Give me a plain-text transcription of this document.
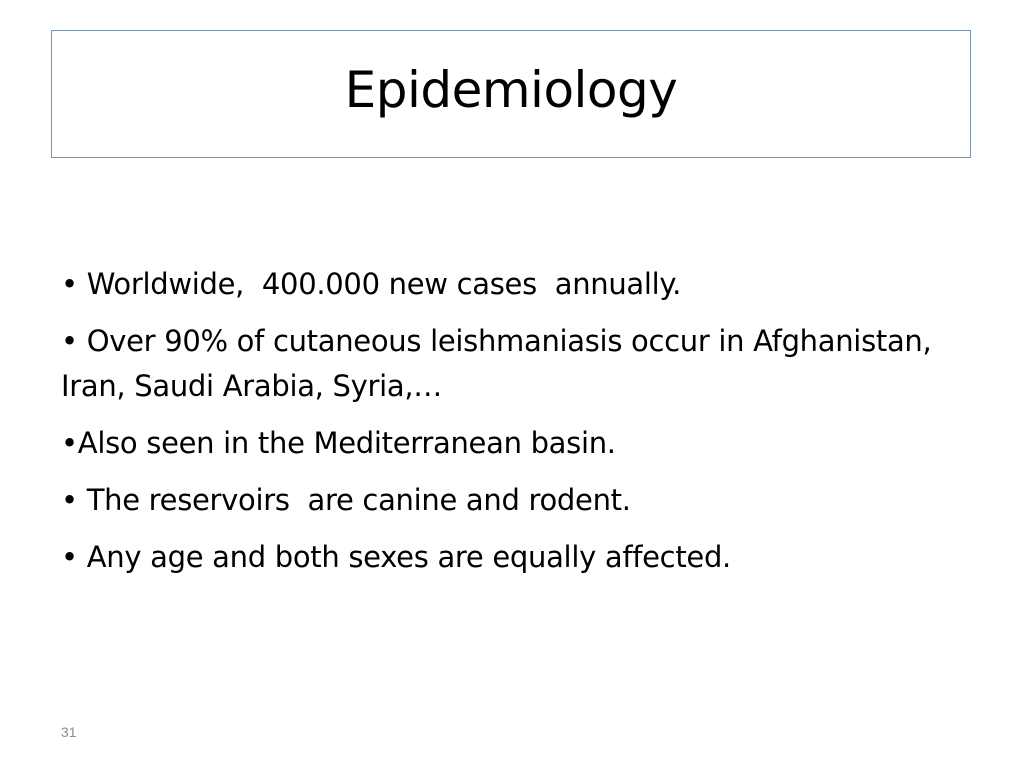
Epidemiology
• Worldwide,  400.000 new cases  annually.
• Over 90% of cutaneous leishmaniasis occur in Afghanistan, Iran, Saudi Arabia, Syria,…
•Also seen in the Mediterranean basin.
• The reservoirs  are canine and rodent.
• Any age and both sexes are equally affected.
31
